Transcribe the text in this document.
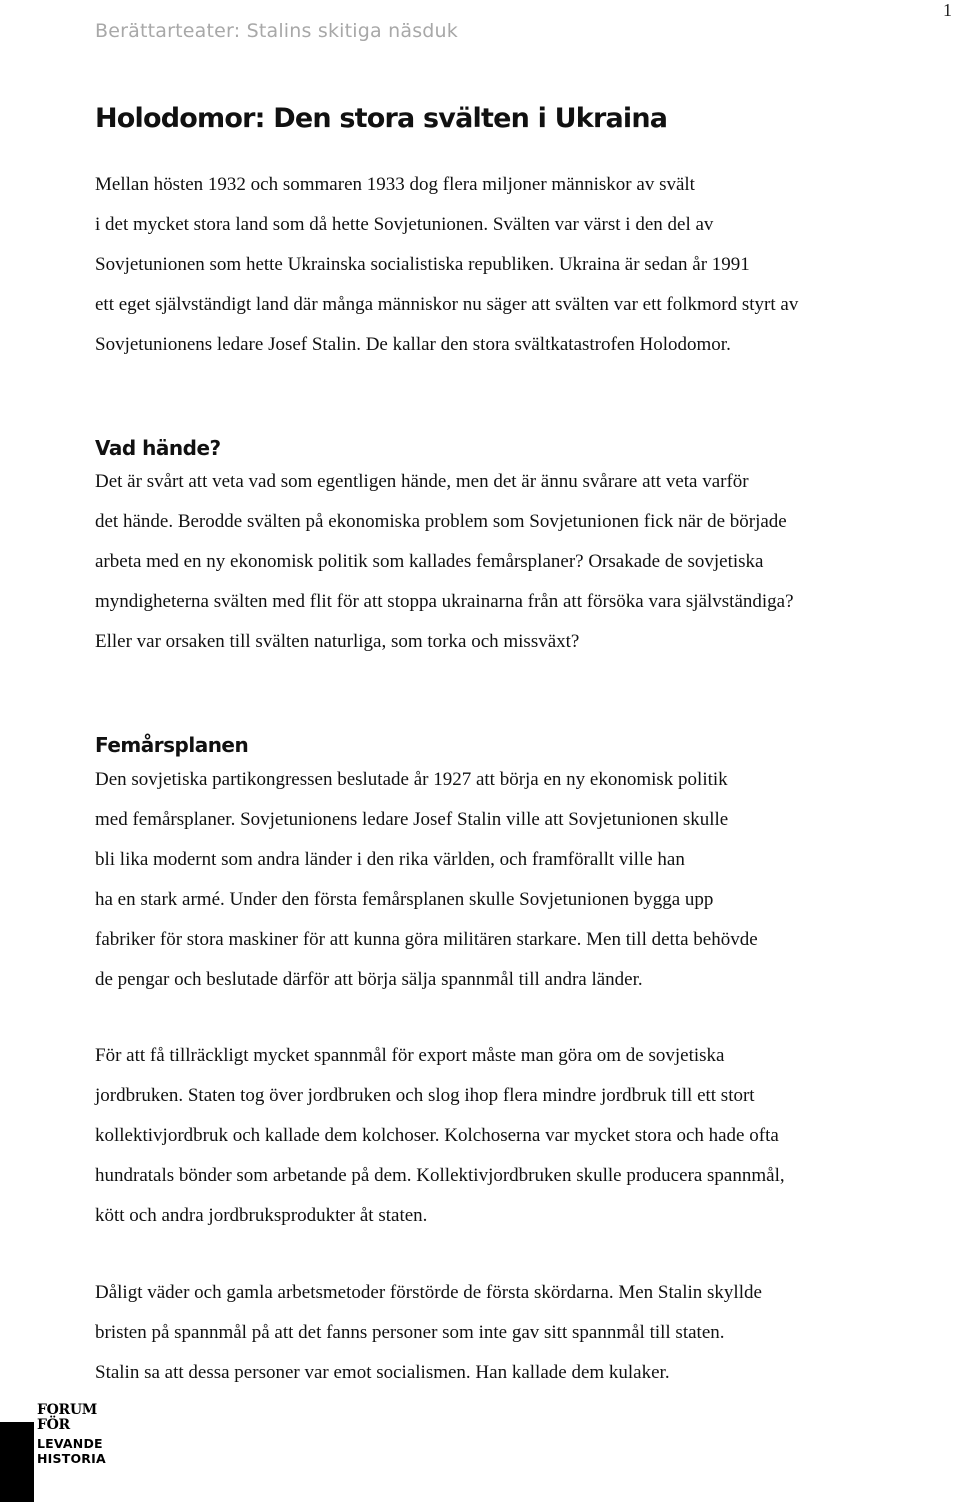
Berättarteater: Stalins skitiga näsduk
1
Holodomor: Den stora svälten i Ukraina
Mellan hösten 1932 och sommaren 1933 dog flera miljoner människor av svält
i det mycket stora land som då hette Sovjetunionen. Svälten var värst i den del av
Sovjetunionen som hette Ukrainska socialistiska republiken. Ukraina är sedan år 1991
ett eget självständigt land där många människor nu säger att svälten var ett folkmord styrt av
Sovjetunionens ledare Josef Stalin. De kallar den stora svältkatastrofen Holodomor.
Vad hände?
Det är svårt att veta vad som egentligen hände, men det är ännu svårare att veta varför
det hände. Berodde svälten på ekonomiska problem som Sovjetunionen fick när de började
arbeta med en ny ekonomisk politik som kallades femårsplaner? Orsakade de sovjetiska
myndigheterna svälten med flit för att stoppa ukrainarna från att försöka vara självständiga?
Eller var orsaken till svälten naturliga, som torka och missväxt?
Femårsplanen
Den sovjetiska partikongressen beslutade år 1927 att börja en ny ekonomisk politik
med femårsplaner. Sovjetunionens ledare Josef Stalin ville att Sovjetunionen skulle
bli lika modernt som andra länder i den rika världen, och framförallt ville han
ha en stark armé. Under den första femårsplanen skulle Sovjetunionen bygga upp
fabriker för stora maskiner för att kunna göra militären starkare. Men till detta behövde
de pengar och beslutade därför att börja sälja spannmål till andra länder.
För att få tillräckligt mycket spannmål för export måste man göra om de sovjetiska
jordbruken. Staten tog över jordbruken och slog ihop flera mindre jordbruk till ett stort
kollektivjordbruk och kallade dem kolchoser. Kolchoserna var mycket stora och hade ofta
hundratals bönder som arbetande på dem. Kollektivjordbruken skulle producera spannmål,
kött och andra jordbruksprodukter åt staten.
Dåligt väder och gamla arbetsmetoder förstörde de första skördarna. Men Stalin skyllde
bristen på spannmål på att det fanns personer som inte gav sitt spannmål till staten.
Stalin sa att dessa personer var emot socialismen. Han kallade dem kulaker.
FORUM
FÖR
LEVANDE
HISTORIA
